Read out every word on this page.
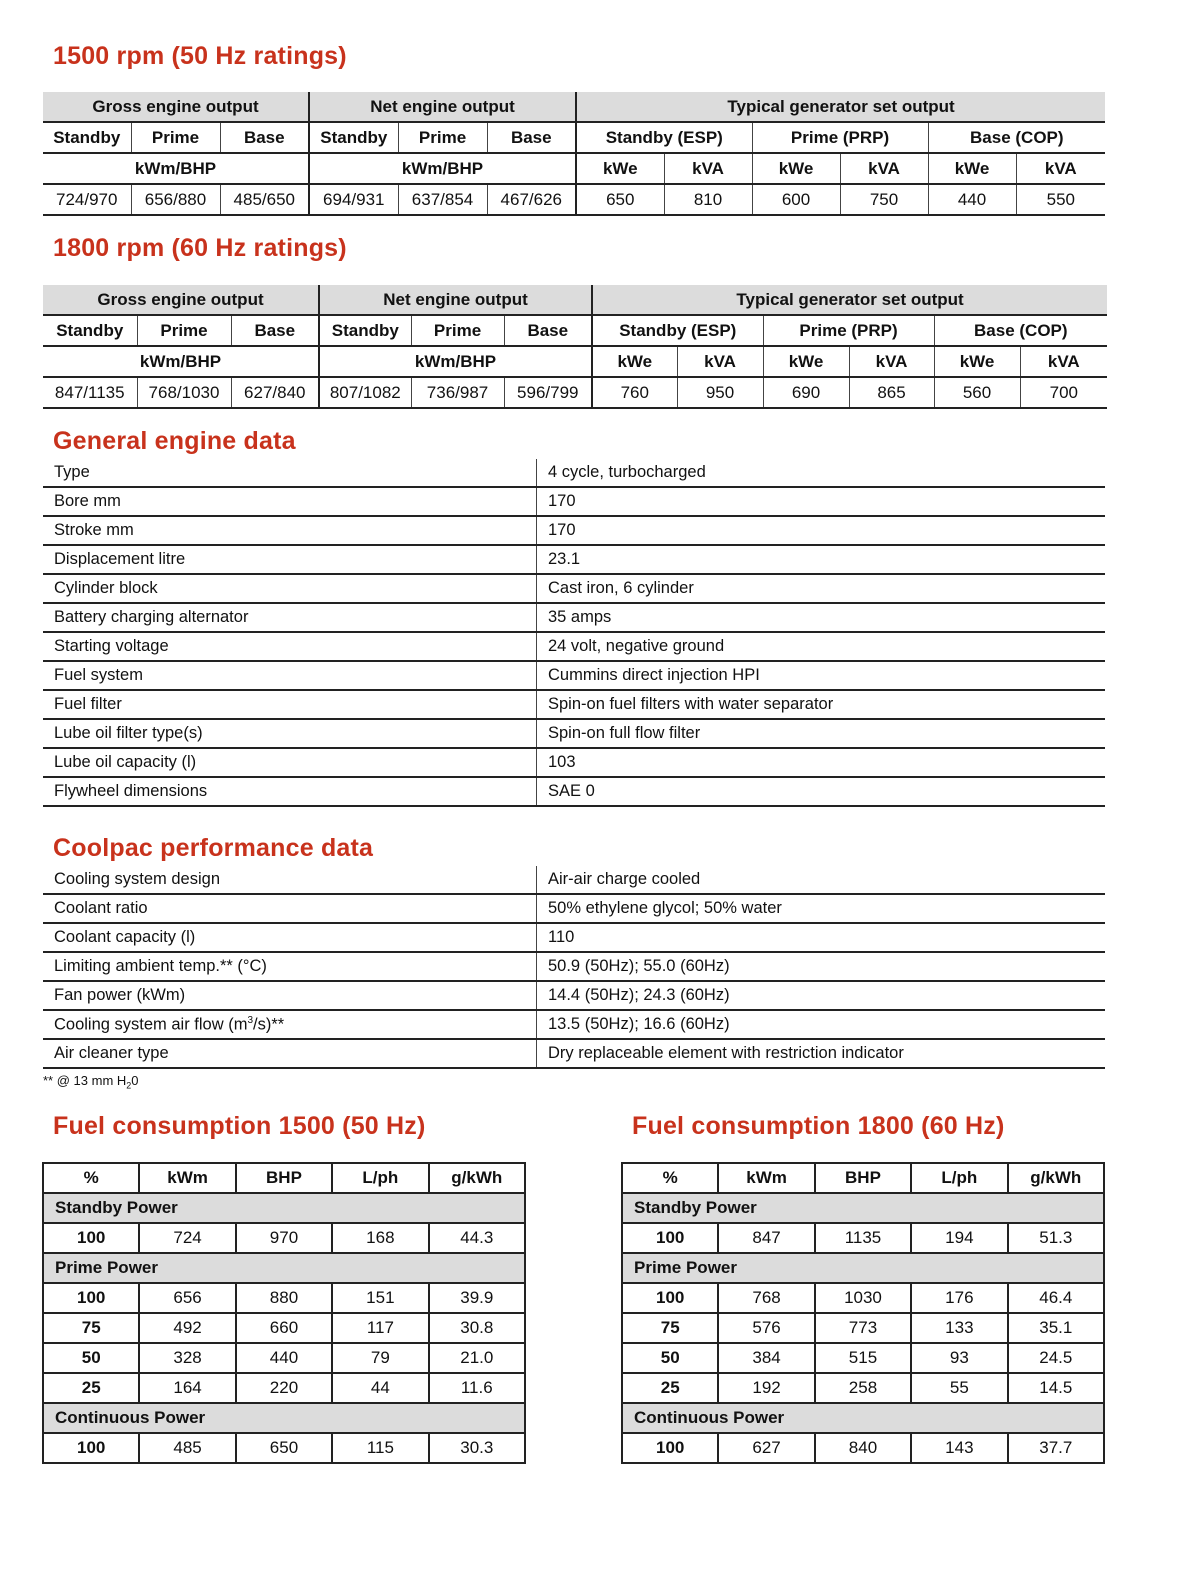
1500 rpm (50 Hz ratings)
Gross engine output			Net engine output			Typical generator set output					
Standby	Prime	Base	Standby	Prime	Base	Standby (ESP)		Prime (PRP)		Base (COP)	
kWm/BHP			kWm/BHP			kWe	kVA	kWe	kVA	kWe	kVA
724/970	656/880	485/650	694/931	637/854	467/626	650	810	600	750	440	550
1800 rpm (60 Hz ratings)
Gross engine output			Net engine output			Typical generator set output					
Standby	Prime	Base	Standby	Prime	Base	Standby (ESP)		Prime (PRP)		Base (COP)	
kWm/BHP			kWm/BHP			kWe	kVA	kWe	kVA	kWe	kVA
847/1135	768/1030	627/840	807/1082	736/987	596/799	760	950	690	865	560	700
General engine data
Type	4 cycle, turbocharged
Bore mm	170
Stroke mm	170
Displacement litre	23.1
Cylinder block	Cast iron, 6 cylinder
Battery charging alternator	35 amps
Starting voltage	24 volt, negative ground
Fuel system	Cummins direct injection HPI
Fuel filter	Spin-on fuel filters with water separator
Lube oil filter type(s)	Spin-on full flow filter
Lube oil capacity (l)	103
Flywheel dimensions	SAE 0
Coolpac performance data
Cooling system design	Air-air charge cooled
Coolant ratio	50% ethylene glycol; 50% water
Coolant capacity (l)	110
Limiting ambient temp.** (°C)	50.9 (50Hz); 55.0 (60Hz)
Fan power (kWm)	14.4 (50Hz); 24.3 (60Hz)
Cooling system air flow $(m^3/s)**$	13.5 (50Hz); 16.6 (60Hz)
Air cleaner type	Dry replaceable element with restriction indicator
** @ 13 mm $H_20$
Fuel consumption 1500 (50 Hz)
%	kWm	BHP	L/ph	g/kWh
Standby Power				
100	724	970	168	44.3
Prime Power				
100	656	880	151	39.9
75	492	660	117	30.8
50	328	440	79	21.0
25	164	220	44	11.6
Continuous Power				
100	485	650	115	30.3
Fuel consumption 1800 (60 Hz)
%	kWm	BHP	L/ph	g/kWh
Standby Power				
100	847	1135	194	51.3
Prime Power				
100	768	1030	176	46.4
75	576	773	133	35.1
50	384	515	93	24.5
25	192	258	55	14.5
Continuous Power				
100	627	840	143	37.7
